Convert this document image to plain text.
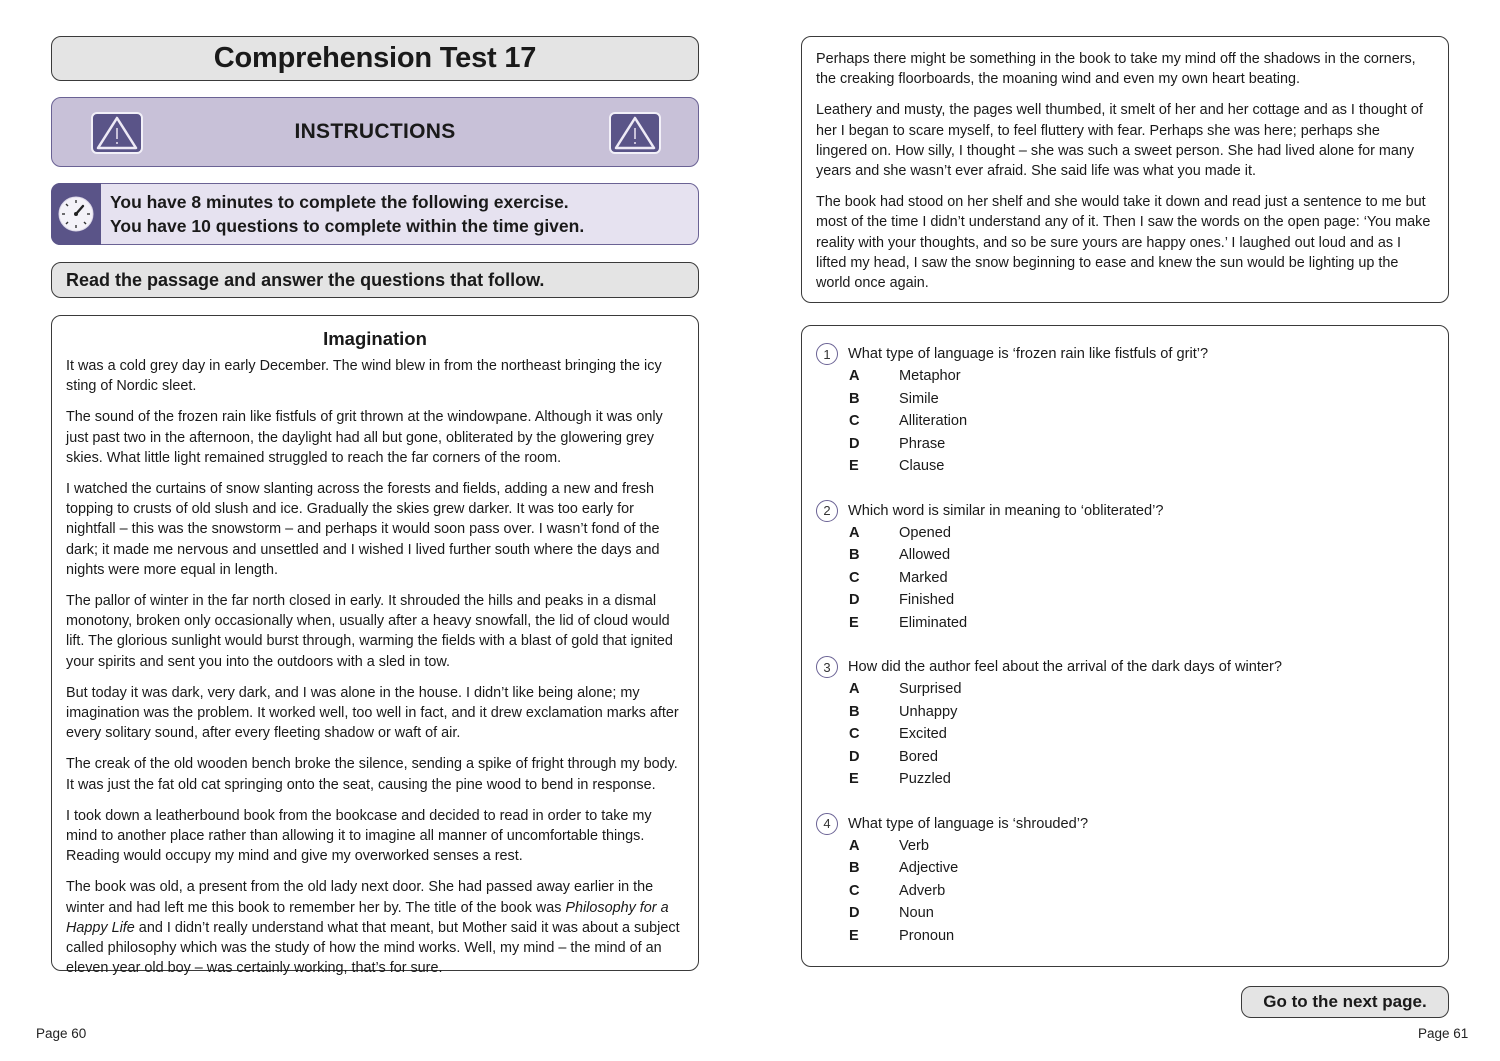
Comprehension Test 17
INSTRUCTIONS
You have 8 minutes to complete the following exercise.
You have 10 questions to complete within the time given.
Read the passage and answer the questions that follow.
Imagination

It was a cold grey day in early December. The wind blew in from the northeast bringing the icy sting of Nordic sleet.

The sound of the frozen rain like fistfuls of grit thrown at the windowpane. Although it was only just past two in the afternoon, the daylight had all but gone, obliterated by the glowering grey skies. What little light remained struggled to reach the far corners of the room.

I watched the curtains of snow slanting across the forests and fields, adding a new and fresh topping to crusts of old slush and ice. Gradually the skies grew darker. It was too early for nightfall – this was the snowstorm – and perhaps it would soon pass over. I wasn’t fond of the dark; it made me nervous and unsettled and I wished I lived further south where the days and nights were more equal in length.

The pallor of winter in the far north closed in early. It shrouded the hills and peaks in a dismal monotony, broken only occasionally when, usually after a heavy snowfall, the lid of cloud would lift. The glorious sunlight would burst through, warming the fields with a blast of gold that ignited your spirits and sent you into the outdoors with a sled in tow.

But today it was dark, very dark, and I was alone in the house. I didn’t like being alone; my imagination was the problem. It worked well, too well in fact, and it drew exclamation marks after every solitary sound, after every fleeting shadow or waft of air.

The creak of the old wooden bench broke the silence, sending a spike of fright through my body. It was just the fat old cat springing onto the seat, causing the pine wood to bend in response.

I took down a leatherbound book from the bookcase and decided to read in order to take my mind to another place rather than allowing it to imagine all manner of uncomfortable things. Reading would occupy my mind and give my overworked senses a rest.

The book was old, a present from the old lady next door. She had passed away earlier in the winter and had left me this book to remember her by. The title of the book was Philosophy for a Happy Life and I didn’t really understand what that meant, but Mother said it was about a subject called philosophy which was the study of how the mind works. Well, my mind – the mind of an eleven year old boy – was certainly working, that’s for sure.

Page 60

Perhaps there might be something in the book to take my mind off the shadows in the corners, the creaking floorboards, the moaning wind and even my own heart beating.

Leathery and musty, the pages well thumbed, it smelt of her and her cottage and as I thought of her I began to scare myself, to feel fluttery with fear. Perhaps she was here; perhaps she lingered on. How silly, I thought – she was such a sweet person. She had lived alone for many years and she wasn’t ever afraid. She said life was what you made it.

The book had stood on her shelf and she would take it down and read just a sentence to me but most of the time I didn’t understand any of it. Then I saw the words on the open page: ‘You make reality with your thoughts, and so be sure yours are happy ones.’ I laughed out loud and as I lifted my head, I saw the snow beginning to ease and knew the sun would be lighting up the world once again.

1	What type of language is ‘frozen rain like fistfuls of grit’?
A	Metaphor
B	Simile
C	Alliteration
D	Phrase
E	Clause
2	Which word is similar in meaning to ‘obliterated’?
A	Opened
B	Allowed
C	Marked
D	Finished
E	Eliminated
3	How did the author feel about the arrival of the dark days of winter?
A	Surprised
B	Unhappy
C	Excited
D	Bored
E	Puzzled
4	What type of language is ‘shrouded’?
A	Verb
B	Adjective
C	Adverb
D	Noun
E	Pronoun
Go to the next page.
Page 61
